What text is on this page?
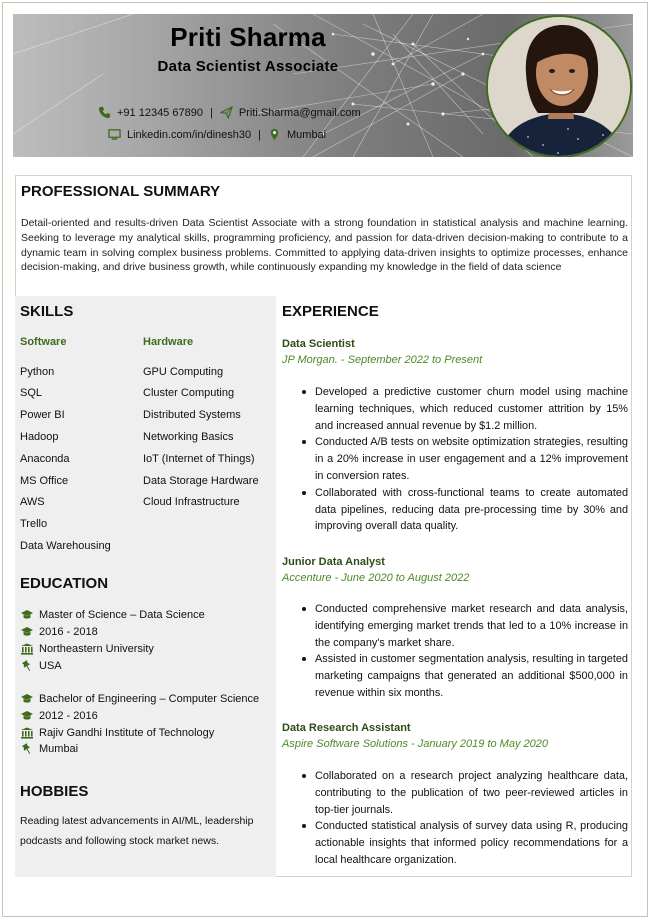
Priti Sharma
Data Scientist Associate
+91 12345 67890 | Priti.Sharma@gmail.com
Linkedin.com/in/dinesh30 | Mumbai
PROFESSIONAL SUMMARY

Detail-oriented and results-driven Data Scientist Associate with a strong foundation in statistical analysis and machine learning. Seeking to leverage my analytical skills, programming proficiency, and passion for data-driven decision-making to contribute to a dynamic team in solving complex business problems. Committed to applying data-driven insights to optimize processes, enhance decision-making, and drive business growth, while continuously expanding my knowledge in the field of data science

SKILLS
Software	Hardware
Python
SQL
Power BI
Hadoop
Anaconda
MS Office
AWS
Trello
Data Warehousing
GPU Computing
Cluster Computing
Distributed Systems
Networking Basics
IoT (Internet of Things)
Data Storage Hardware
Cloud Infrastructure
EDUCATION
Master of Science – Data Science
2016 - 2018
Northeastern University
USA
Bachelor of Engineering – Computer Science
2012 - 2016
Rajiv Gandhi Institute of Technology
Mumbai
HOBBIES
Reading latest advancements in AI/ML, leadership podcasts and following stock market news.
EXPERIENCE
Data Scientist
JP Morgan. - September 2022 to Present
Developed a predictive customer churn model using machine learning techniques, which reduced customer attrition by 15% and increased annual revenue by $1.2 million.
Conducted A/B tests on website optimization strategies, resulting in a 20% increase in user engagement and a 12% improvement in conversion rates.
Collaborated with cross-functional teams to create automated data pipelines, reducing data pre-processing time by 30% and improving overall data quality.
Junior Data Analyst
Accenture - June 2020 to August 2022
Conducted comprehensive market research and data analysis, identifying emerging market trends that led to a 10% increase in the company's market share.
Assisted in customer segmentation analysis, resulting in targeted marketing campaigns that generated an additional $500,000 in revenue within six months.
Data Research Assistant
Aspire Software Solutions - January 2019 to May 2020
Collaborated on a research project analyzing healthcare data, contributing to the publication of two peer-reviewed articles in top-tier journals.
Conducted statistical analysis of survey data using R, producing actionable insights that informed policy recommendations for a local healthcare organization.
